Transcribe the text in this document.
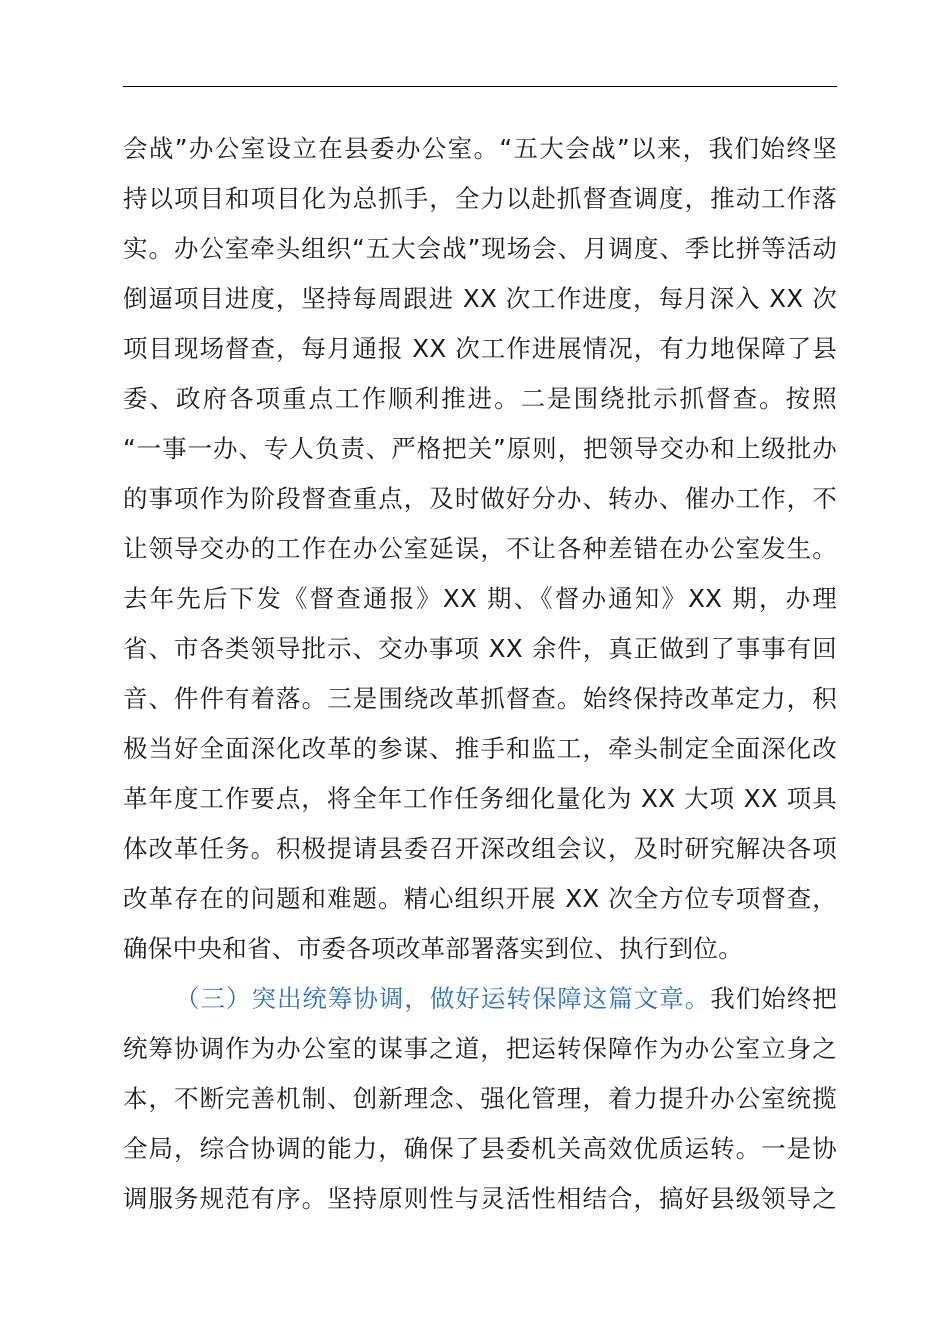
会战”办公室设立在县委办公室。“五大会战”以来，我们始终坚
持以项目和项目化为总抓手，全力以赴抓督查调度，推动工作落
实。办公室牵头组织“五大会战”现场会、月调度、季比拼等活动
倒逼项目进度，坚持每周跟进 XX 次工作进度，每月深入 XX 次
项目现场督查，每月通报 XX 次工作进展情况，有力地保障了县
委、政府各项重点工作顺利推进。二是围绕批示抓督查。按照
“一事一办、专人负责、严格把关”原则，把领导交办和上级批办
的事项作为阶段督查重点，及时做好分办、转办、催办工作，不
让领导交办的工作在办公室延误，不让各种差错在办公室发生。
去年先后下发《督查通报》XX 期、《督办通知》XX 期，办理
省、市各类领导批示、交办事项 XX 余件，真正做到了事事有回
音、件件有着落。三是围绕改革抓督查。始终保持改革定力，积
极当好全面深化改革的参谋、推手和监工，牵头制定全面深化改
革年度工作要点，将全年工作任务细化量化为 XX 大项 XX 项具
体改革任务。积极提请县委召开深改组会议，及时研究解决各项
改革存在的问题和难题。精心组织开展 XX 次全方位专项督查，
确保中央和省、市委各项改革部署落实到位、执行到位。
（三）突出统筹协调，做好运转保障这篇文章。我们始终把
统筹协调作为办公室的谋事之道，把运转保障作为办公室立身之
本，不断完善机制、创新理念、强化管理，着力提升办公室统揽
全局，综合协调的能力，确保了县委机关高效优质运转。一是协
调服务规范有序。坚持原则性与灵活性相结合，搞好县级领导之
